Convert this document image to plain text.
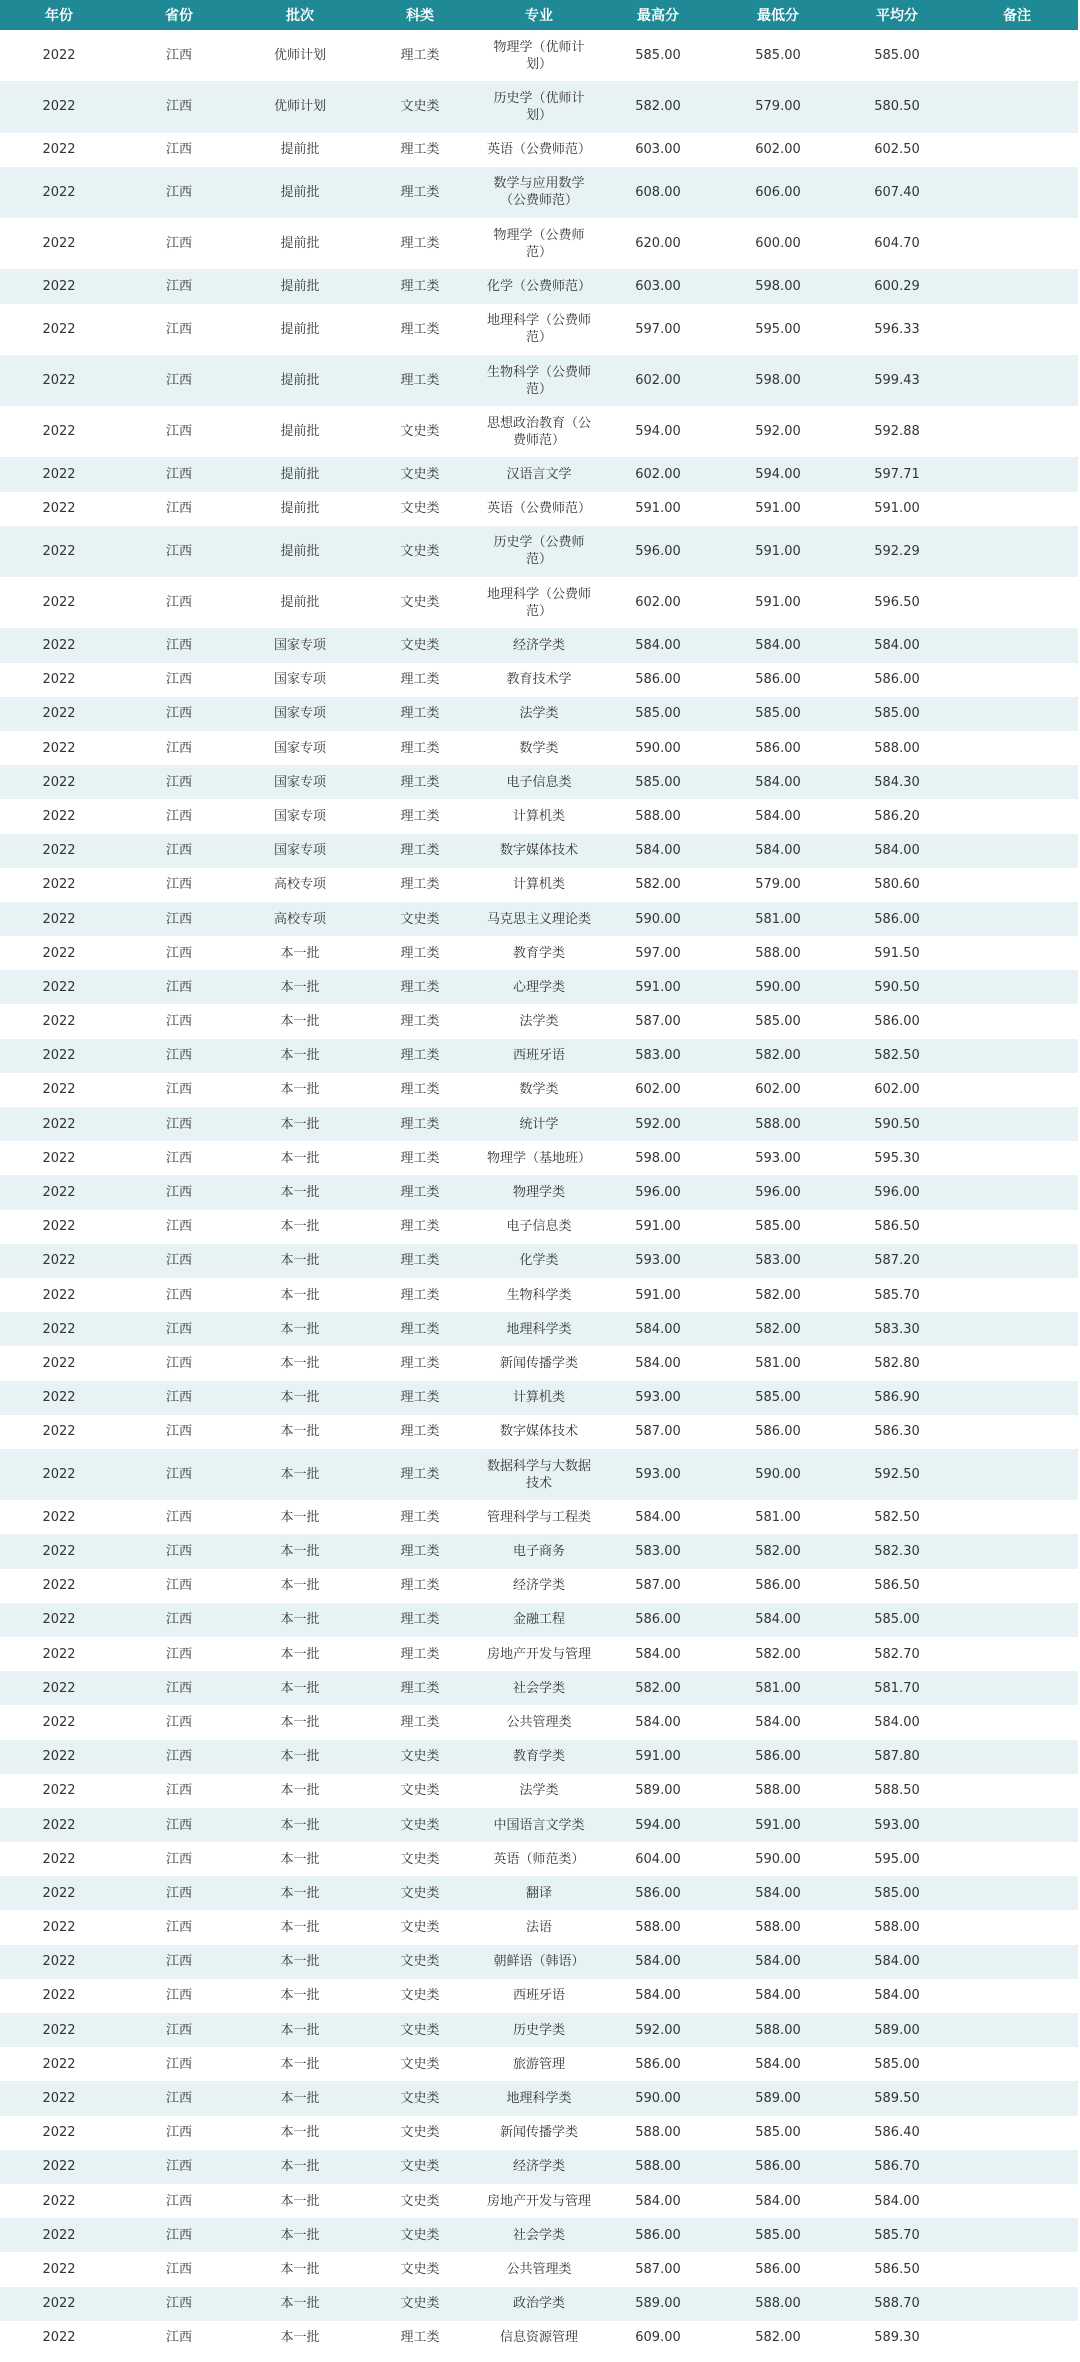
年份	省份	批次	科类	专业	最高分	最低分	平均分	备注
2022	江西	优师计划	理工类	物理学（优师计划）	585.00	585.00	585.00	
2022	江西	优师计划	文史类	历史学（优师计划）	582.00	579.00	580.50	
2022	江西	提前批	理工类	英语（公费师范）	603.00	602.00	602.50	
2022	江西	提前批	理工类	数学与应用数学（公费师范）	608.00	606.00	607.40	
2022	江西	提前批	理工类	物理学（公费师范）	620.00	600.00	604.70	
2022	江西	提前批	理工类	化学（公费师范）	603.00	598.00	600.29	
2022	江西	提前批	理工类	地理科学（公费师范）	597.00	595.00	596.33	
2022	江西	提前批	理工类	生物科学（公费师范）	602.00	598.00	599.43	
2022	江西	提前批	文史类	思想政治教育（公费师范）	594.00	592.00	592.88	
2022	江西	提前批	文史类	汉语言文学	602.00	594.00	597.71	
2022	江西	提前批	文史类	英语（公费师范）	591.00	591.00	591.00	
2022	江西	提前批	文史类	历史学（公费师范）	596.00	591.00	592.29	
2022	江西	提前批	文史类	地理科学（公费师范）	602.00	591.00	596.50	
2022	江西	国家专项	文史类	经济学类	584.00	584.00	584.00	
2022	江西	国家专项	理工类	教育技术学	586.00	586.00	586.00	
2022	江西	国家专项	理工类	法学类	585.00	585.00	585.00	
2022	江西	国家专项	理工类	数学类	590.00	586.00	588.00	
2022	江西	国家专项	理工类	电子信息类	585.00	584.00	584.30	
2022	江西	国家专项	理工类	计算机类	588.00	584.00	586.20	
2022	江西	国家专项	理工类	数字媒体技术	584.00	584.00	584.00	
2022	江西	高校专项	理工类	计算机类	582.00	579.00	580.60	
2022	江西	高校专项	文史类	马克思主义理论类	590.00	581.00	586.00	
2022	江西	本一批	理工类	教育学类	597.00	588.00	591.50	
2022	江西	本一批	理工类	心理学类	591.00	590.00	590.50	
2022	江西	本一批	理工类	法学类	587.00	585.00	586.00	
2022	江西	本一批	理工类	西班牙语	583.00	582.00	582.50	
2022	江西	本一批	理工类	数学类	602.00	602.00	602.00	
2022	江西	本一批	理工类	统计学	592.00	588.00	590.50	
2022	江西	本一批	理工类	物理学（基地班）	598.00	593.00	595.30	
2022	江西	本一批	理工类	物理学类	596.00	596.00	596.00	
2022	江西	本一批	理工类	电子信息类	591.00	585.00	586.50	
2022	江西	本一批	理工类	化学类	593.00	583.00	587.20	
2022	江西	本一批	理工类	生物科学类	591.00	582.00	585.70	
2022	江西	本一批	理工类	地理科学类	584.00	582.00	583.30	
2022	江西	本一批	理工类	新闻传播学类	584.00	581.00	582.80	
2022	江西	本一批	理工类	计算机类	593.00	585.00	586.90	
2022	江西	本一批	理工类	数字媒体技术	587.00	586.00	586.30	
2022	江西	本一批	理工类	数据科学与大数据技术	593.00	590.00	592.50	
2022	江西	本一批	理工类	管理科学与工程类	584.00	581.00	582.50	
2022	江西	本一批	理工类	电子商务	583.00	582.00	582.30	
2022	江西	本一批	理工类	经济学类	587.00	586.00	586.50	
2022	江西	本一批	理工类	金融工程	586.00	584.00	585.00	
2022	江西	本一批	理工类	房地产开发与管理	584.00	582.00	582.70	
2022	江西	本一批	理工类	社会学类	582.00	581.00	581.70	
2022	江西	本一批	理工类	公共管理类	584.00	584.00	584.00	
2022	江西	本一批	文史类	教育学类	591.00	586.00	587.80	
2022	江西	本一批	文史类	法学类	589.00	588.00	588.50	
2022	江西	本一批	文史类	中国语言文学类	594.00	591.00	593.00	
2022	江西	本一批	文史类	英语（师范类）	604.00	590.00	595.00	
2022	江西	本一批	文史类	翻译	586.00	584.00	585.00	
2022	江西	本一批	文史类	法语	588.00	588.00	588.00	
2022	江西	本一批	文史类	朝鲜语（韩语）	584.00	584.00	584.00	
2022	江西	本一批	文史类	西班牙语	584.00	584.00	584.00	
2022	江西	本一批	文史类	历史学类	592.00	588.00	589.00	
2022	江西	本一批	文史类	旅游管理	586.00	584.00	585.00	
2022	江西	本一批	文史类	地理科学类	590.00	589.00	589.50	
2022	江西	本一批	文史类	新闻传播学类	588.00	585.00	586.40	
2022	江西	本一批	文史类	经济学类	588.00	586.00	586.70	
2022	江西	本一批	文史类	房地产开发与管理	584.00	584.00	584.00	
2022	江西	本一批	文史类	社会学类	586.00	585.00	585.70	
2022	江西	本一批	文史类	公共管理类	587.00	586.00	586.50	
2022	江西	本一批	文史类	政治学类	589.00	588.00	588.70	
2022	江西	本一批	理工类	信息资源管理	609.00	582.00	589.30	
